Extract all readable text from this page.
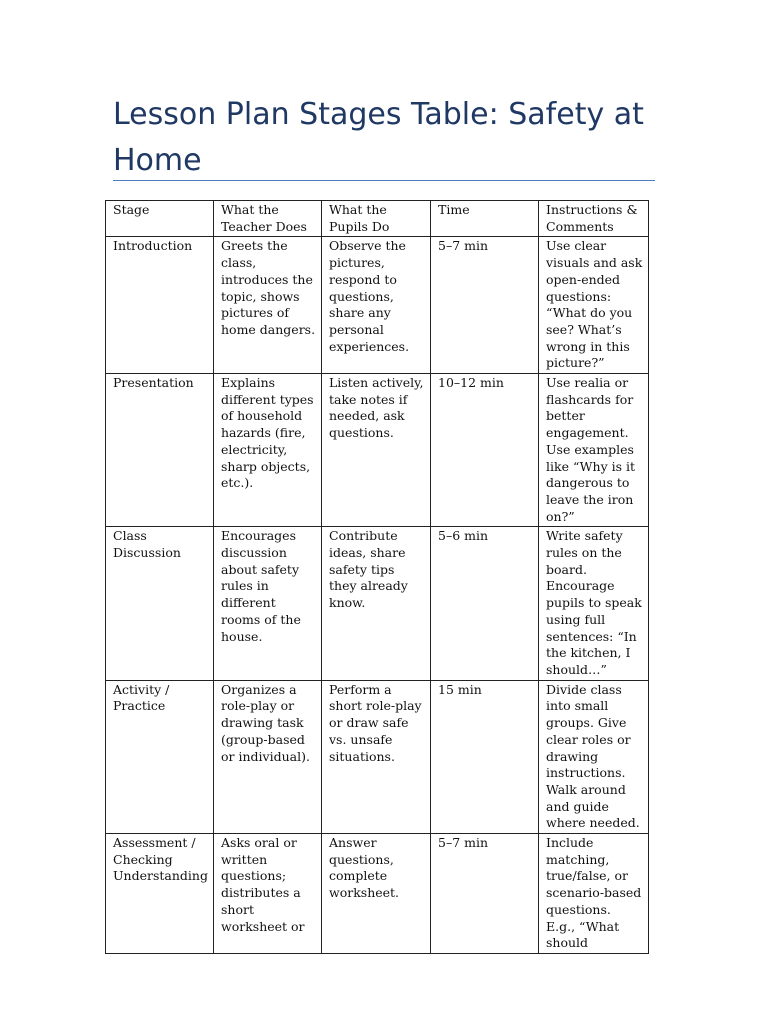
Lesson Plan Stages Table: Safety at Home
Stage	What the Teacher Does	What the Pupils Do	Time	Instructions & Comments
Introduction	Greets the class, introduces the topic, shows pictures of home dangers.	Observe the pictures, respond to questions, share any personal experiences.	5–7 min	Use clear visuals and ask open-ended questions: “What do you see? What’s wrong in this picture?”
Presentation	Explains different types of household hazards (fire, electricity, sharp objects, etc.).	Listen actively, take notes if needed, ask questions.	10–12 min	Use realia or flashcards for better engagement. Use examples like “Why is it dangerous to leave the iron on?”
Class Discussion	Encourages discussion about safety rules in different rooms of the house.	Contribute ideas, share safety tips they already know.	5–6 min	Write safety rules on the board. Encourage pupils to speak using full sentences: “In the kitchen, I should…”
Activity / Practice	Organizes a role-play or drawing task (group-based or individual).	Perform a short role-play or draw safe vs. unsafe situations.	15 min	Divide class into small groups. Give clear roles or drawing instructions. Walk around and guide where needed.
Assessment / Checking Understanding	Asks oral or written questions; distributes a short worksheet or	Answer questions, complete worksheet.	5–7 min	Include matching, true/false, or scenario-based questions. E.g., “What should
